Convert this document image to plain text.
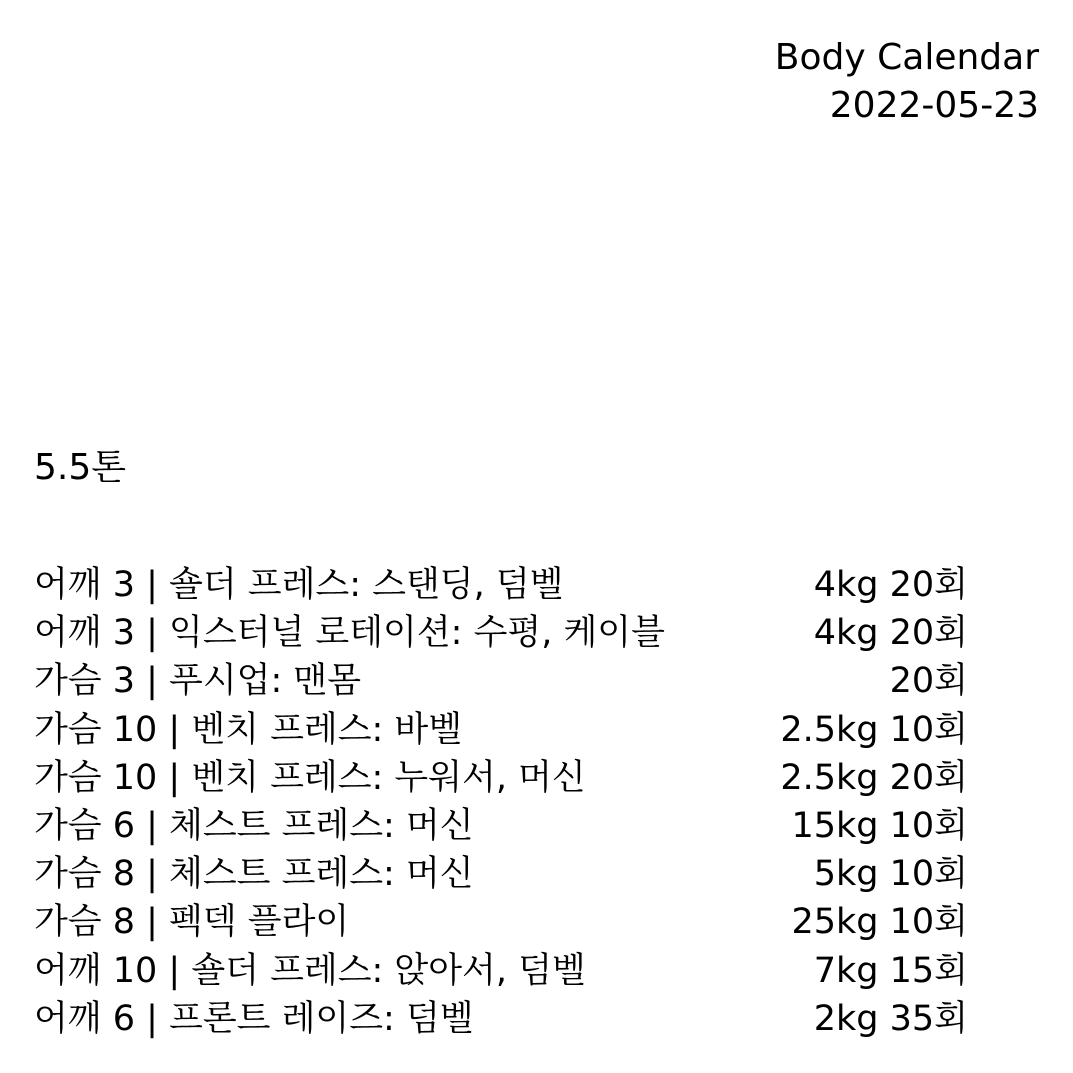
Body Calendar
2022-05-23
5.5톤
어깨 3 | 숄더 프레스: 스탠딩, 덤벨	4kg 20회
어깨 3 | 익스터널 로테이션: 수평, 케이블	4kg 20회
가슴 3 | 푸시업: 맨몸	20회
가슴 10 | 벤치 프레스: 바벨	2.5kg 10회
가슴 10 | 벤치 프레스: 누워서, 머신	2.5kg 20회
가슴 6 | 체스트 프레스: 머신	15kg 10회
가슴 8 | 체스트 프레스: 머신	5kg 10회
가슴 8 | 펙덱 플라이	25kg 10회
어깨 10 | 숄더 프레스: 앉아서, 덤벨	7kg 15회
어깨 6 | 프론트 레이즈: 덤벨	2kg 35회
